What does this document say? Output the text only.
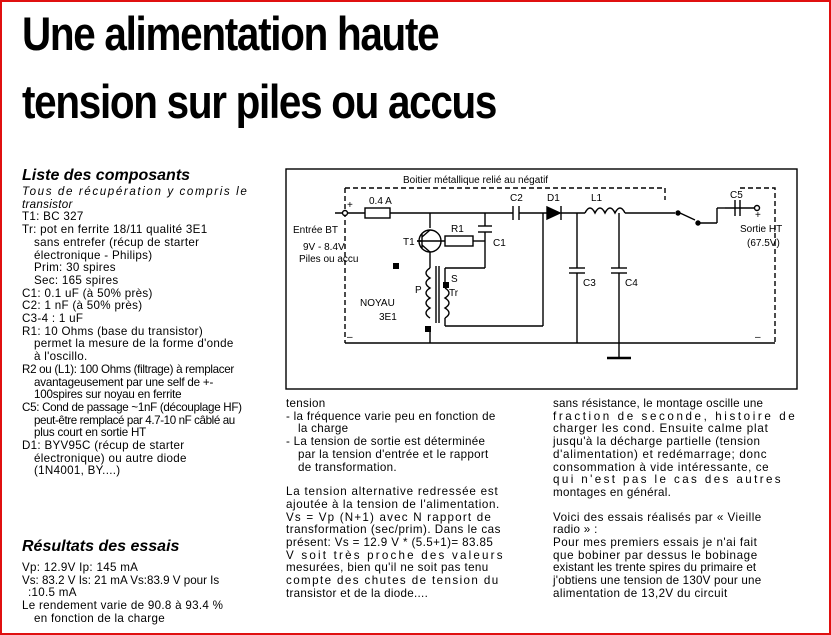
Une alimentation haute
tension sur piles ou accus
Liste des composants

Tous de récupération y compris le

transistor

T1: BC 327

Tr: pot en ferrite 18/11 qualité 3E1

sans entrefer (récup de starter

électronique - Philips)

Prim: 30 spires

Sec: 165 spires

C1: 0.1 uF (à 50% près)

C2: 1 nF (à 50% près)

C3-4 : 1 uF

R1: 10 Ohms (base du transistor)

permet la mesure de la forme d'onde

à l'oscillo.

R2 ou (L1): 100 Ohms (filtrage) à remplacer

avantageusement par une self de +-

100spires sur noyau en ferrite

C5: Cond de passage ~1nF (découplage HF)

peut-être remplacé par 4.7-10 nF câblé au

plus court en sortie HT

D1: BYV95C (récup de starter

électronique) ou autre diode

(1N4001, BY....)

Résultats des essais

Vp: 12.9V Ip: 145 mA

Vs: 83.2 V Is: 21 mA Vs:83.9 V pour Is

:10.5 mA

Le rendement varie de 90.8 à 93.4 %

en fonction de la charge

Boitier métallique relié au négatif
0.4 A
Entrée BT
9V - 8.4V
Piles ou accu
T1
R1
C1
C2 D1	L1
C3	C4
C5
P
S
Tr
NOYAU
3E1
Sortie HT
(67.5V)
+
+
–	–

tension

- la fréquence varie peu en fonction de

la charge

- La tension de sortie est déterminée

par la tension d'entrée et le rapport

de transformation.

La tension alternative redressée est

ajoutée à la tension de l'alimentation.

Vs = Vp (N+1) avec N rapport de

transformation (sec/prim). Dans le cas

présent: Vs = 12.9 V * (5.5+1)= 83.85

V soit très proche des valeurs

mesurées, bien qu'il ne soit pas tenu

compte des chutes de tension du

transistor et de la diode....

sans résistance, le montage oscille une

fraction de seconde, histoire de

charger les cond. Ensuite calme plat

jusqu'à la décharge partielle (tension

d'alimentation) et redémarrage; donc

consommation à vide intéressante, ce

qui n'est pas le cas des autres

montages en général.

Voici des essais réalisés par « Vieille

radio » :

Pour mes premiers essais je n'ai fait

que bobiner par dessus le bobinage

existant les trente spires du primaire et

j'obtiens une tension de 130V pour une

alimentation de 13,2V du circuit
